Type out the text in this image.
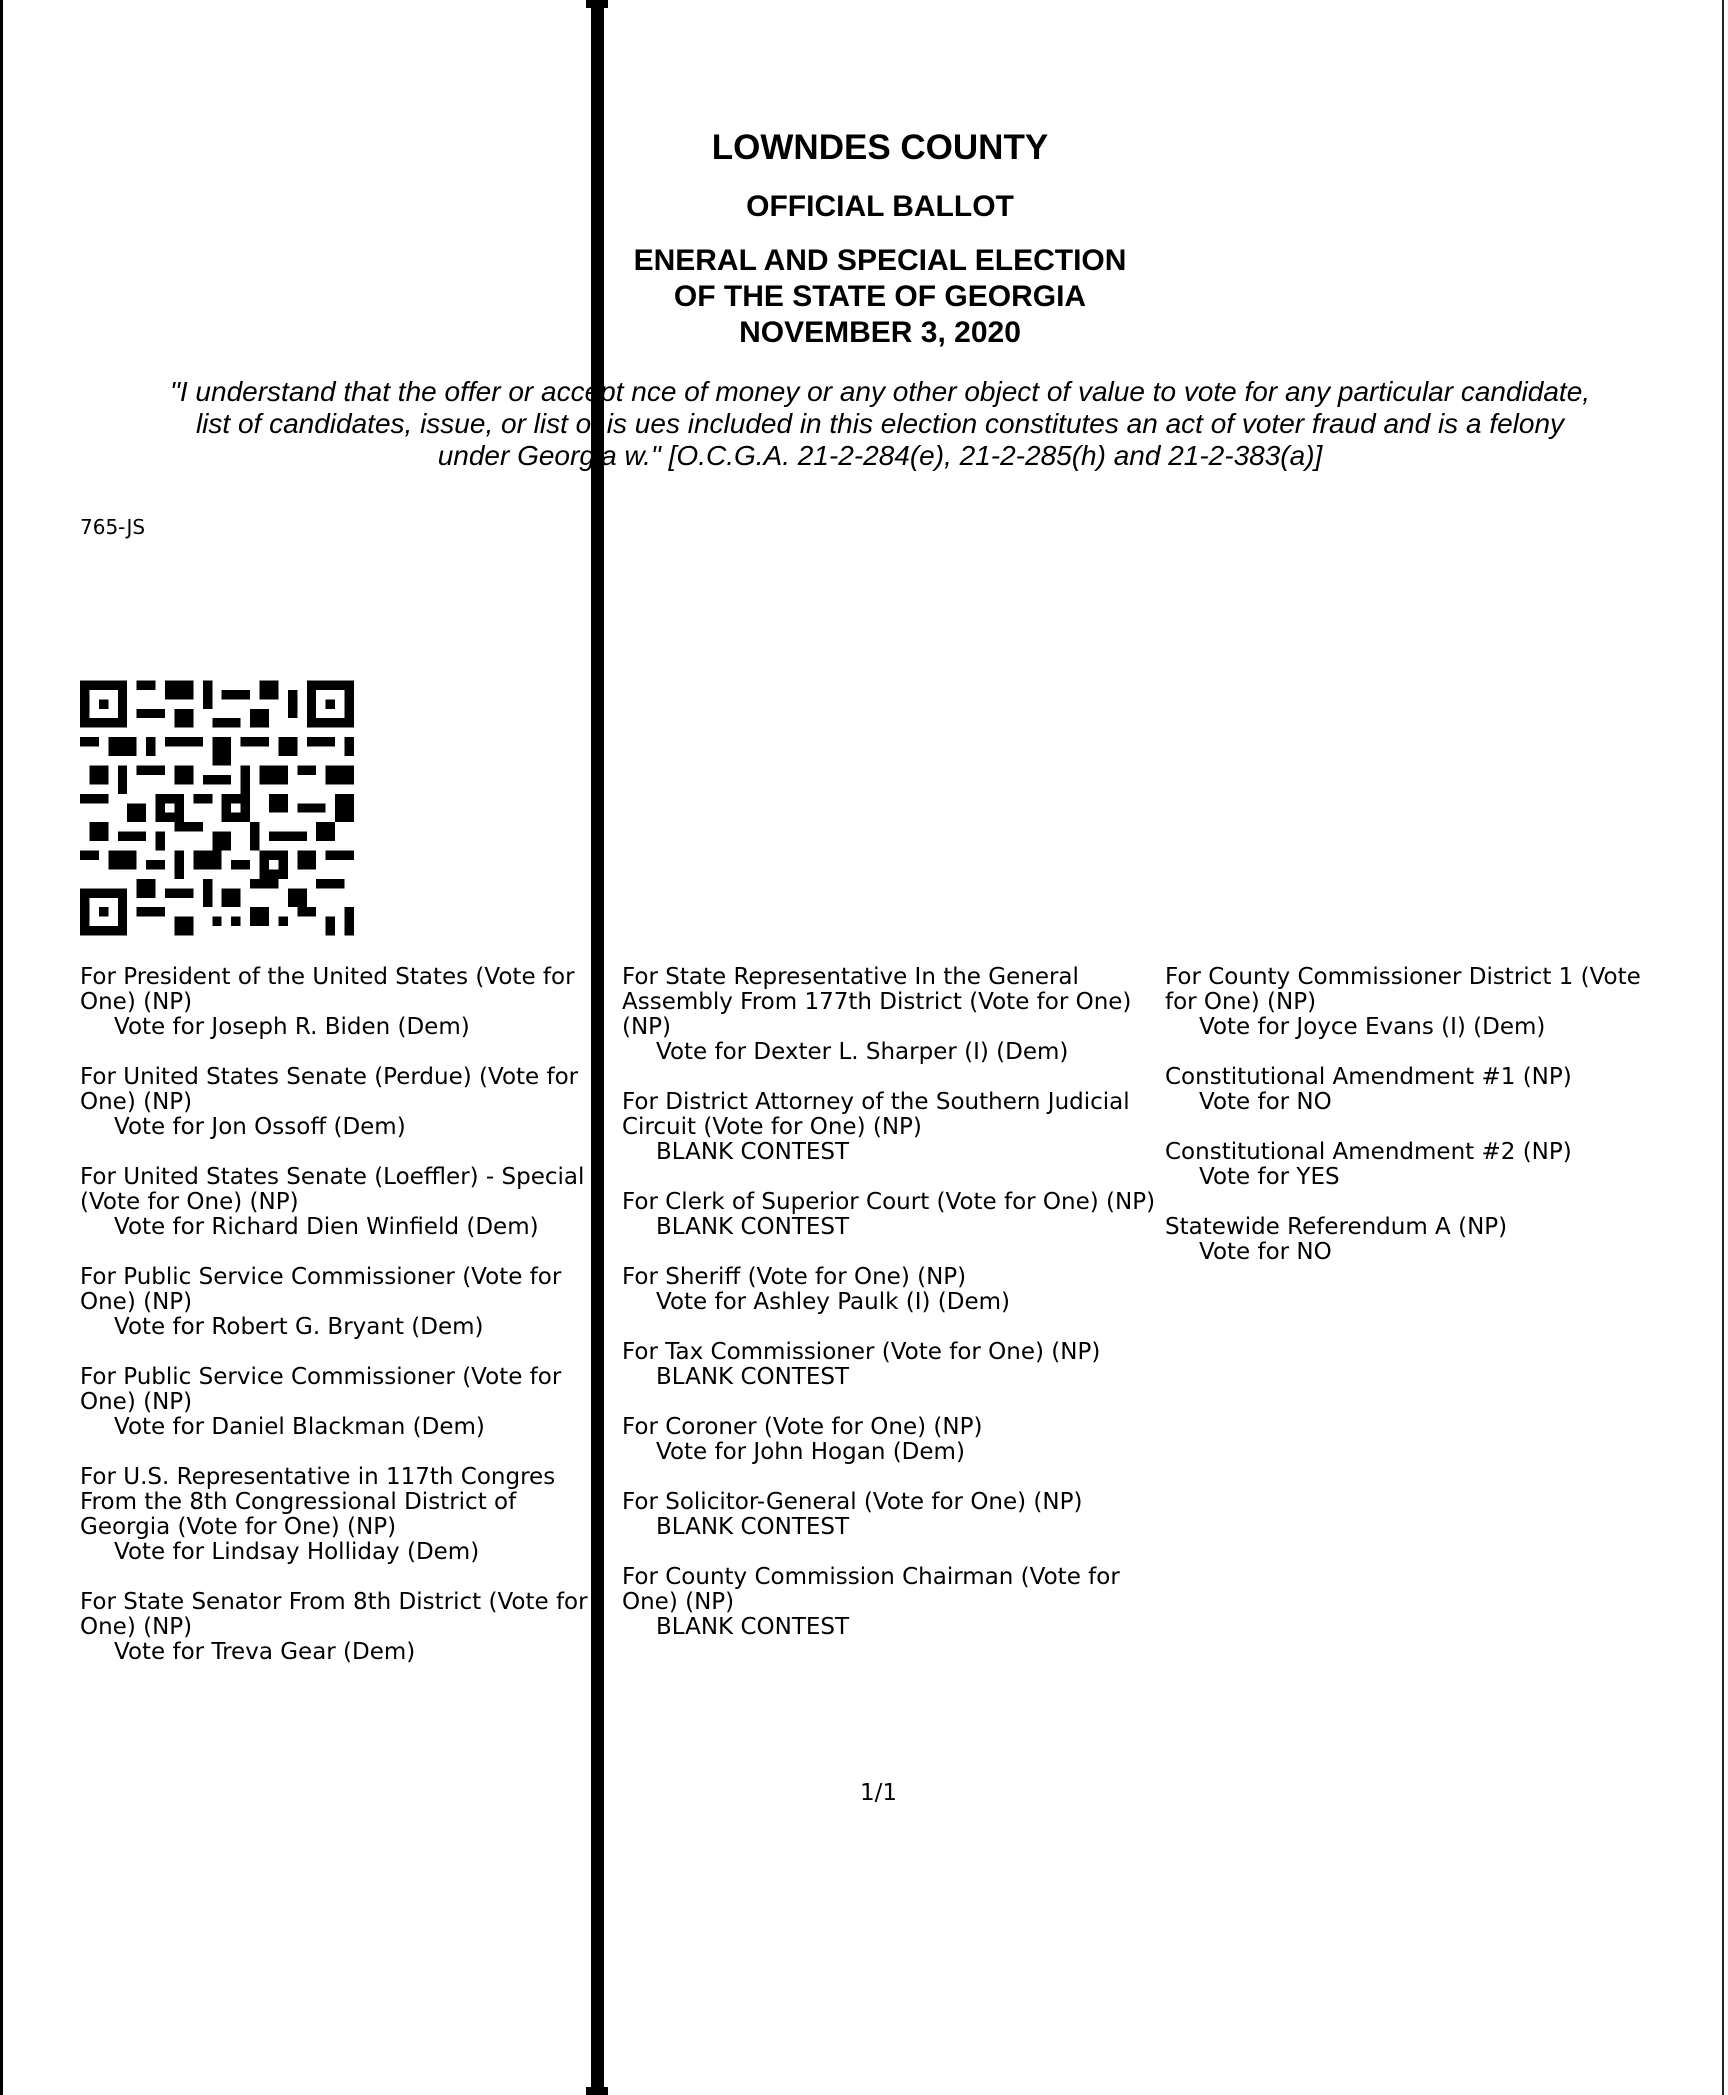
LOWNDES COUNTY
OFFICIAL BALLOT
ENERAL AND SPECIAL ELECTION
OF THE STATE OF GEORGIA
NOVEMBER 3, 2020
"I understand that the offer or accept nce of money or any other object of value to vote for any particular candidate,
list of candidates, issue, or list of is ues included in this election constitutes an act of voter fraud and is a felony
under Georgia w." [O.C.G.A. 21-2-284(e), 21-2-285(h) and 21-2-383(a)]
765-JS
For President of the United States (Vote for One) (NP)
Vote for Joseph R. Biden (Dem)
For United States Senate (Perdue) (Vote for One) (NP)
Vote for Jon Ossoff (Dem)
For United States Senate (Loeffler) - Special (Vote for One) (NP)
Vote for Richard Dien Winfield (Dem)
For Public Service Commissioner (Vote for One) (NP)
Vote for Robert G. Bryant (Dem)
For Public Service Commissioner (Vote for One) (NP)
Vote for Daniel Blackman (Dem)
For U.S. Representative in 117th Congres From the 8th Congressional District of Georgia (Vote for One) (NP)
Vote for Lindsay Holliday (Dem)
For State Senator From 8th District (Vote for One) (NP)
Vote for Treva Gear (Dem)
For State Representative In the General Assembly From 177th District (Vote for One) (NP)
Vote for Dexter L. Sharper (I) (Dem)
For District Attorney of the Southern Judicial Circuit (Vote for One) (NP)
BLANK CONTEST
For Clerk of Superior Court (Vote for One) (NP)
BLANK CONTEST
For Sheriff (Vote for One) (NP)
Vote for Ashley Paulk (I) (Dem)
For Tax Commissioner (Vote for One) (NP)
BLANK CONTEST
For Coroner (Vote for One) (NP)
Vote for John Hogan (Dem)
For Solicitor-General (Vote for One) (NP)
BLANK CONTEST
For County Commission Chairman (Vote for One) (NP)
BLANK CONTEST
For County Commissioner District 1 (Vote
for One) (NP)
Vote for Joyce Evans (I) (Dem)
Constitutional Amendment #1 (NP)
Vote for NO
Constitutional Amendment #2 (NP)
Vote for YES
Statewide Referendum A (NP)
Vote for NO
1/1
